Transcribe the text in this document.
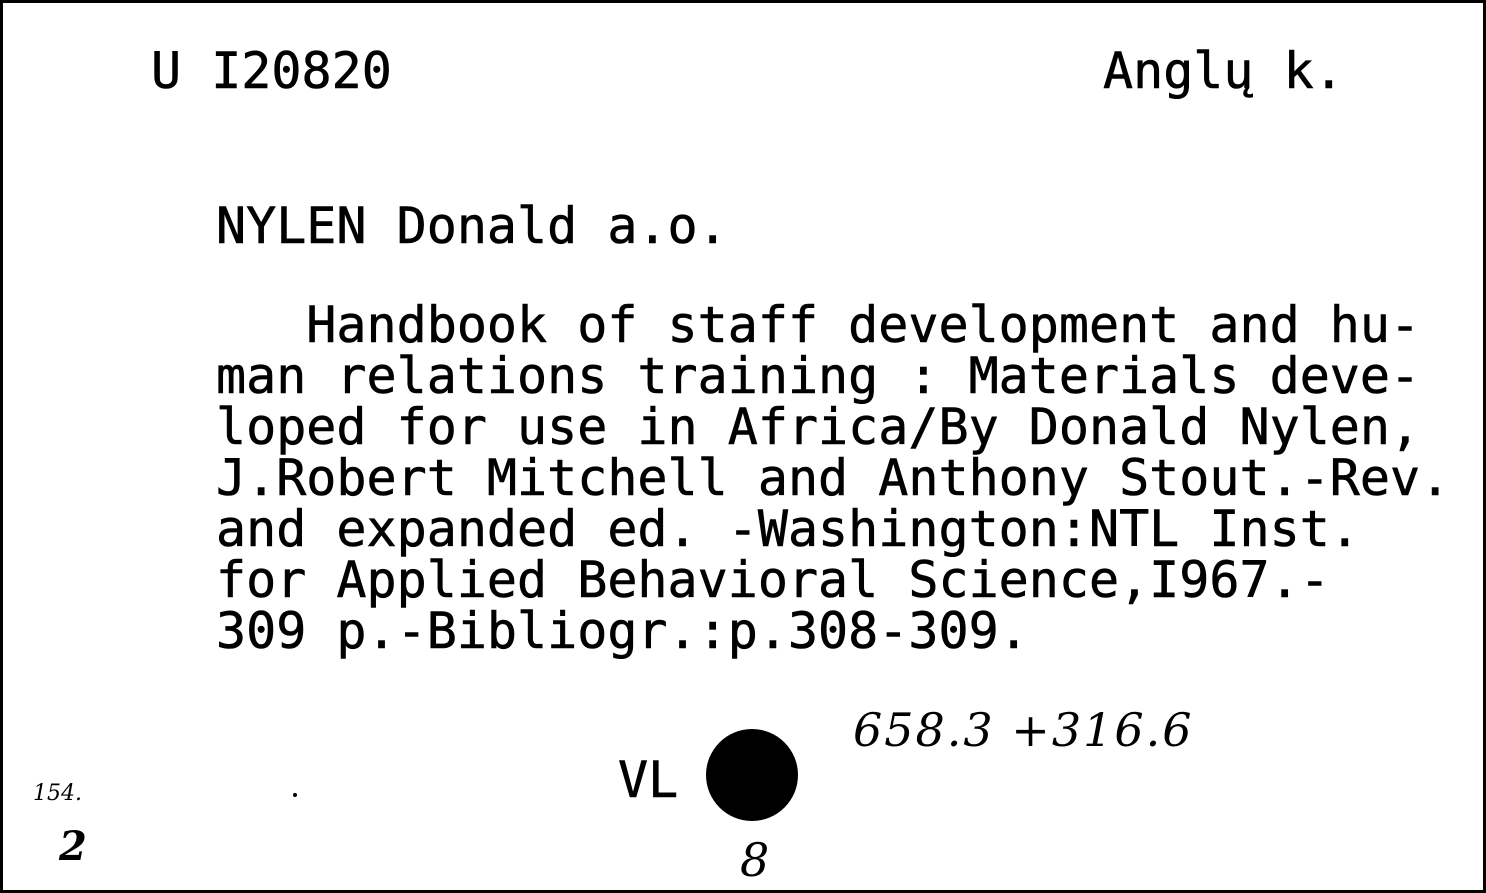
U I20820	Anglų k.
NYLEN Donald a.o.
Handbook of staff development and hu-
man relations training : Materials deve-
loped for use in Africa/By Donald Nylen,
J.Robert Mitchell and Anthony Stout.-Rev.
and expanded ed. -Washington:NTL Inst.
for Applied Behavioral Science,I967.-
309 p.-Bibliogr.:p.308-309.
VL
658.3 +316.6
8
154.
2
